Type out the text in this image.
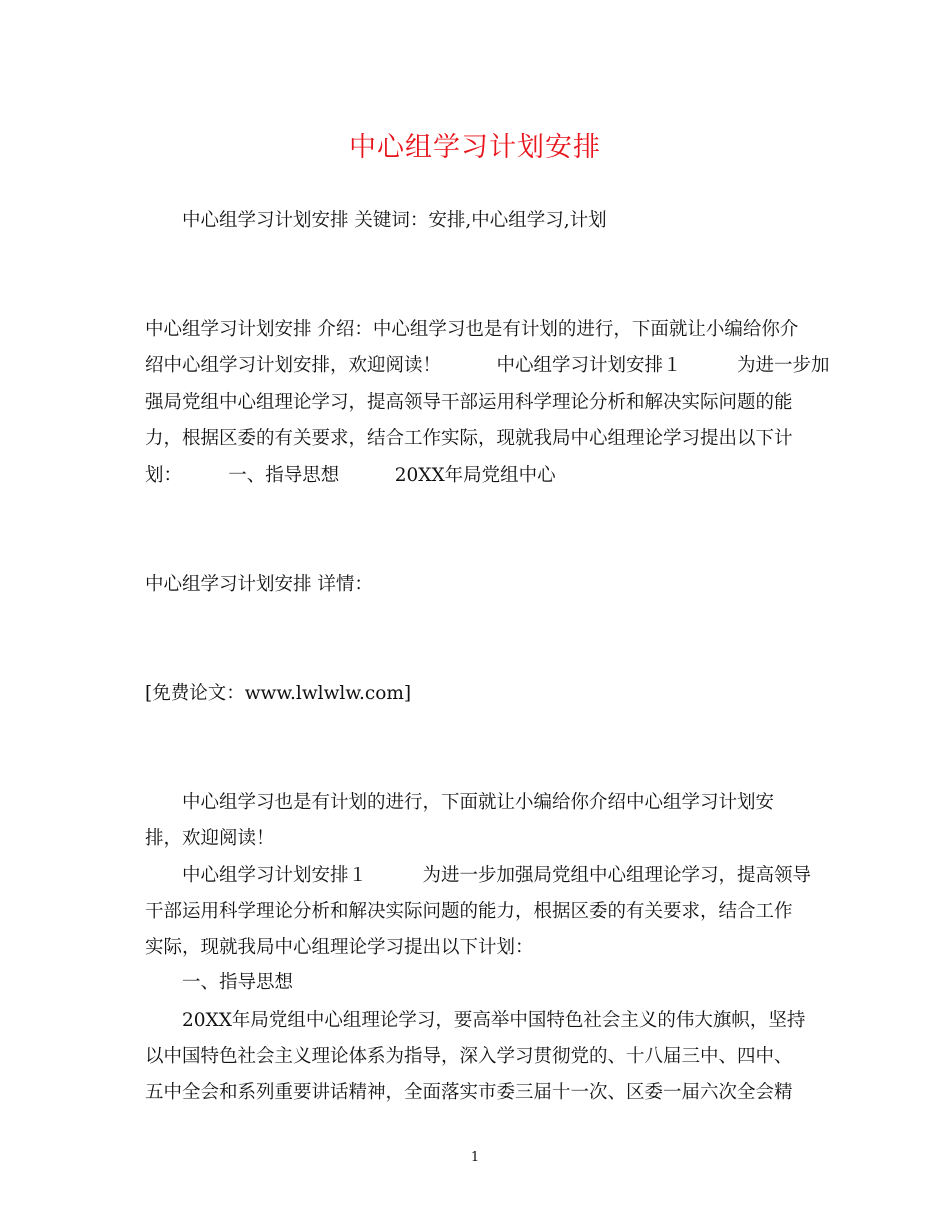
中心组学习计划安排
中心组学习计划安排 关键词：安排,中心组学习,计划
中心组学习计划安排 介绍：中心组学习也是有计划的进行，下面就让小编给你介
绍中心组学习计划安排，欢迎阅读！　　　中心组学习计划安排１　　　为进一步加
强局党组中心组理论学习，提高领导干部运用科学理论分析和解决实际问题的能
力，根据区委的有关要求，结合工作实际，现就我局中心组理论学习提出以下计
划：　　　一、指导思想　　　20XX年局党组中心
中心组学习计划安排 详情：
[免费论文：www.lwlwlw.com]
中心组学习也是有计划的进行，下面就让小编给你介绍中心组学习计划安
排，欢迎阅读！
中心组学习计划安排１　　　为进一步加强局党组中心组理论学习，提高领导
干部运用科学理论分析和解决实际问题的能力，根据区委的有关要求，结合工作
实际，现就我局中心组理论学习提出以下计划：
一、指导思想
20XX年局党组中心组理论学习，要高举中国特色社会主义的伟大旗帜，坚持
以中国特色社会主义理论体系为指导，深入学习贯彻党的、十八届三中、四中、
五中全会和系列重要讲话精神，全面落实市委三届十一次、区委一届六次全会精
1
